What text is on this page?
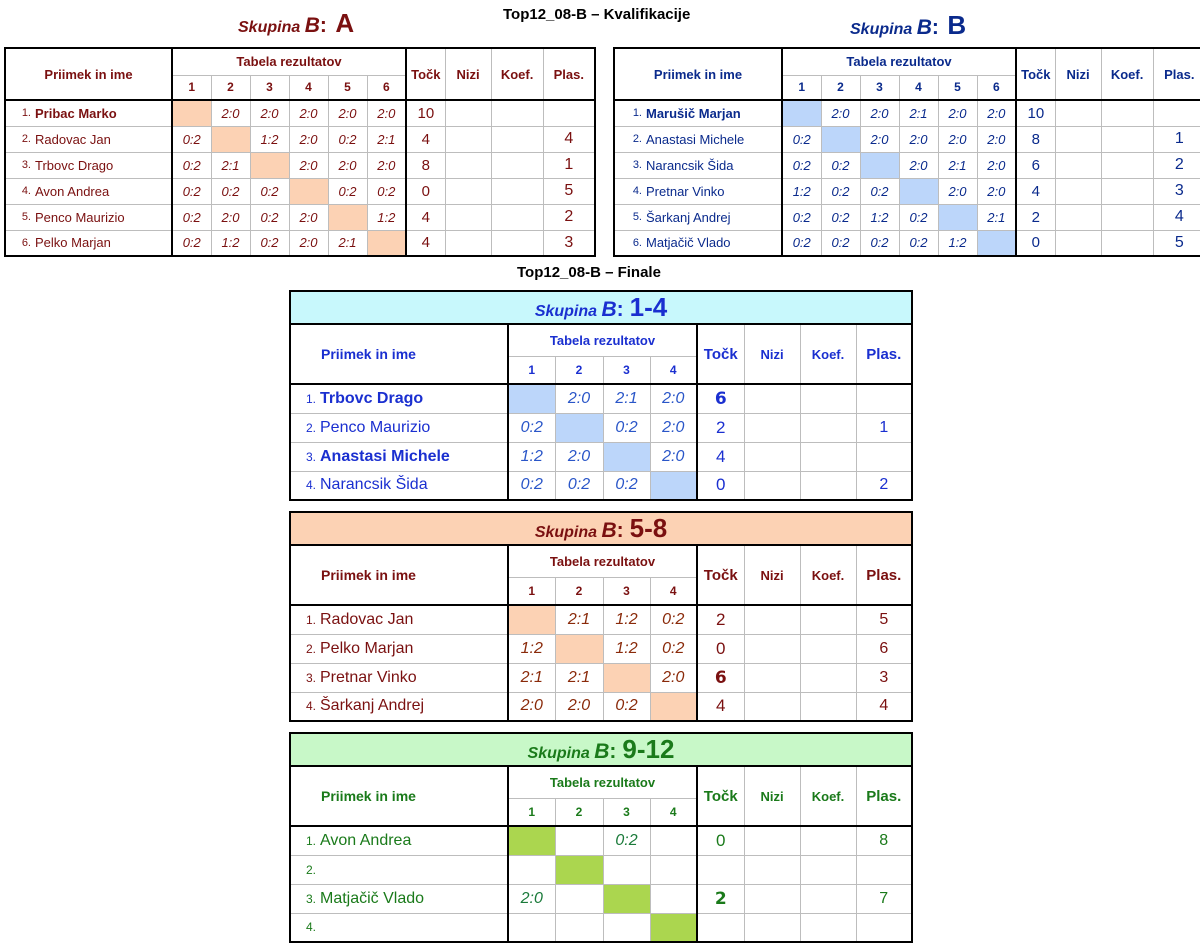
Top12_08-B – Kvalifikacije
Top12_08-B – Finale
Skupina B: A	Skupina B: B
Priimek in ime		Tabela rezultatov						Točk	Nizi	Koef.	Plas.
		1	2	3	4	5	6				
1.	Pribac Marko		2:0	2:0	2:0	2:0	2:0	10			
2.	Radovac Jan	0:2		1:2	2:0	0:2	2:1	4			4
3.	Trbovc Drago	0:2	2:1		2:0	2:0	2:0	8			1
4.	Avon Andrea	0:2	0:2	0:2		0:2	0:2	0			5
5.	Penco Maurizio	0:2	2:0	0:2	2:0		1:2	4			2
6.	Pelko Marjan	0:2	1:2	0:2	2:0	2:1		4			3
Priimek in ime		Tabela rezultatov						Točk	Nizi	Koef.	Plas.
		1	2	3	4	5	6				
1.	Marušič Marjan		2:0	2:0	2:1	2:0	2:0	10			
2.	Anastasi Michele	0:2		2:0	2:0	2:0	2:0	8			1
3.	Narancsik Šida	0:2	0:2		2:0	2:1	2:0	6			2
4.	Pretnar Vinko	1:2	0:2	0:2		2:0	2:0	4			3
5.	Šarkanj Andrej	0:2	0:2	1:2	0:2		2:1	2			4
6.	Matjačič Vlado	0:2	0:2	0:2	0:2	1:2		0			5
Skupina B: 1-4									
Priimek in ime		Tabela rezultatov				Točk	Nizi	Koef.	Plas.
		1	2	3	4				
1.	Trbovc Drago		2:0	2:1	2:0	6			
2.	Penco Maurizio	0:2		0:2	2:0	2			1
3.	Anastasi Michele	1:2	2:0		2:0	4			
4.	Narancsik Šida	0:2	0:2	0:2		0			2
Skupina B: 5-8									
Priimek in ime		Tabela rezultatov				Točk	Nizi	Koef.	Plas.
		1	2	3	4				
1.	Radovac Jan		2:1	1:2	0:2	2			5
2.	Pelko Marjan	1:2		1:2	0:2	0			6
3.	Pretnar Vinko	2:1	2:1		2:0	6			3
4.	Šarkanj Andrej	2:0	2:0	0:2		4			4
Skupina B: 9-12									
Priimek in ime		Tabela rezultatov				Točk	Nizi	Koef.	Plas.
		1	2	3	4				
1.	Avon Andrea			0:2		0			8
2.									
3.	Matjačič Vlado	2:0				2			7
4.									
